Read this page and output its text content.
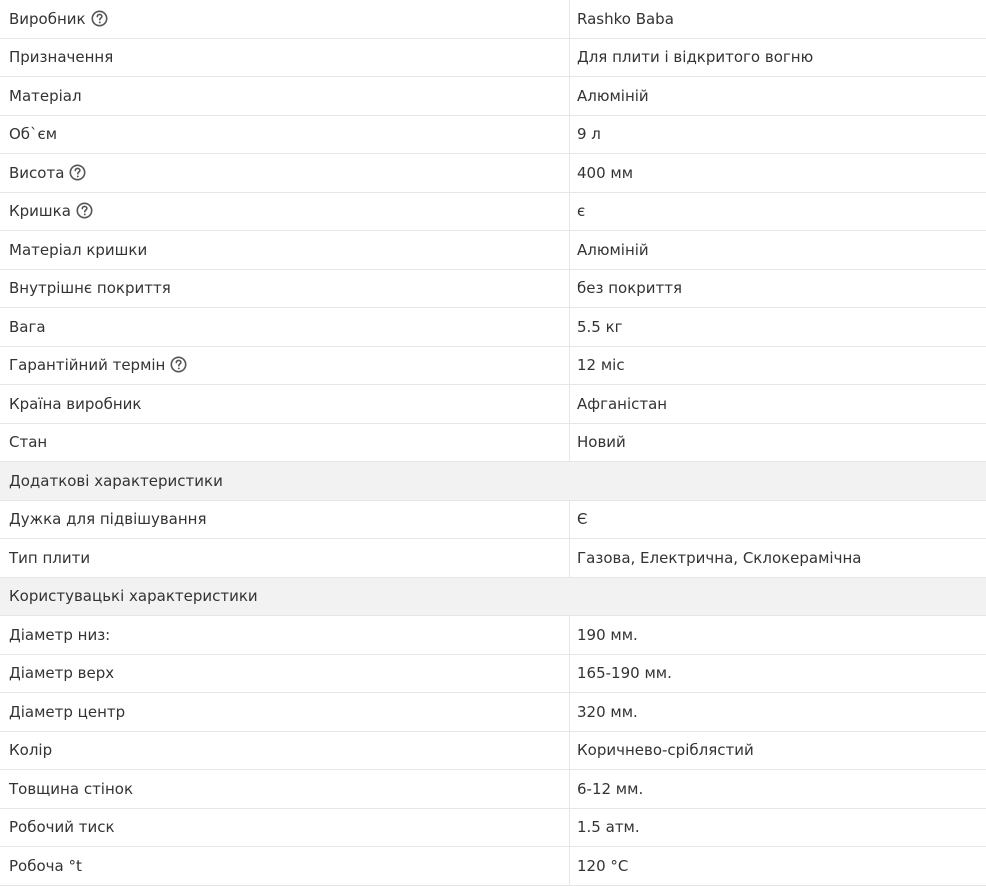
Виробник	Rashko Baba
Призначення	Для плити і відкритого вогню
Матеріал	Алюміній
Об`єм	9 л
Висота	400 мм
Кришка	є
Матеріал кришки	Алюміній
Внутрішнє покриття	без покриття
Вага	5.5 кг
Гарантійний термін	12 міс
Країна виробник	Афганістан
Стан	Новий
Додаткові характеристики	
Дужка для підвішування	Є
Тип плити	Газова, Електрична, Склокерамічна
Користувацькі характеристики	
Діаметр низ:	190 мм.
Діаметр верх	165-190 мм.
Діаметр центр	320 мм.
Колір	Коричнево-сріблястий
Товщина стінок	6-12 мм.
Робочий тиск	1.5 атм.
Робоча °t	120 °C
